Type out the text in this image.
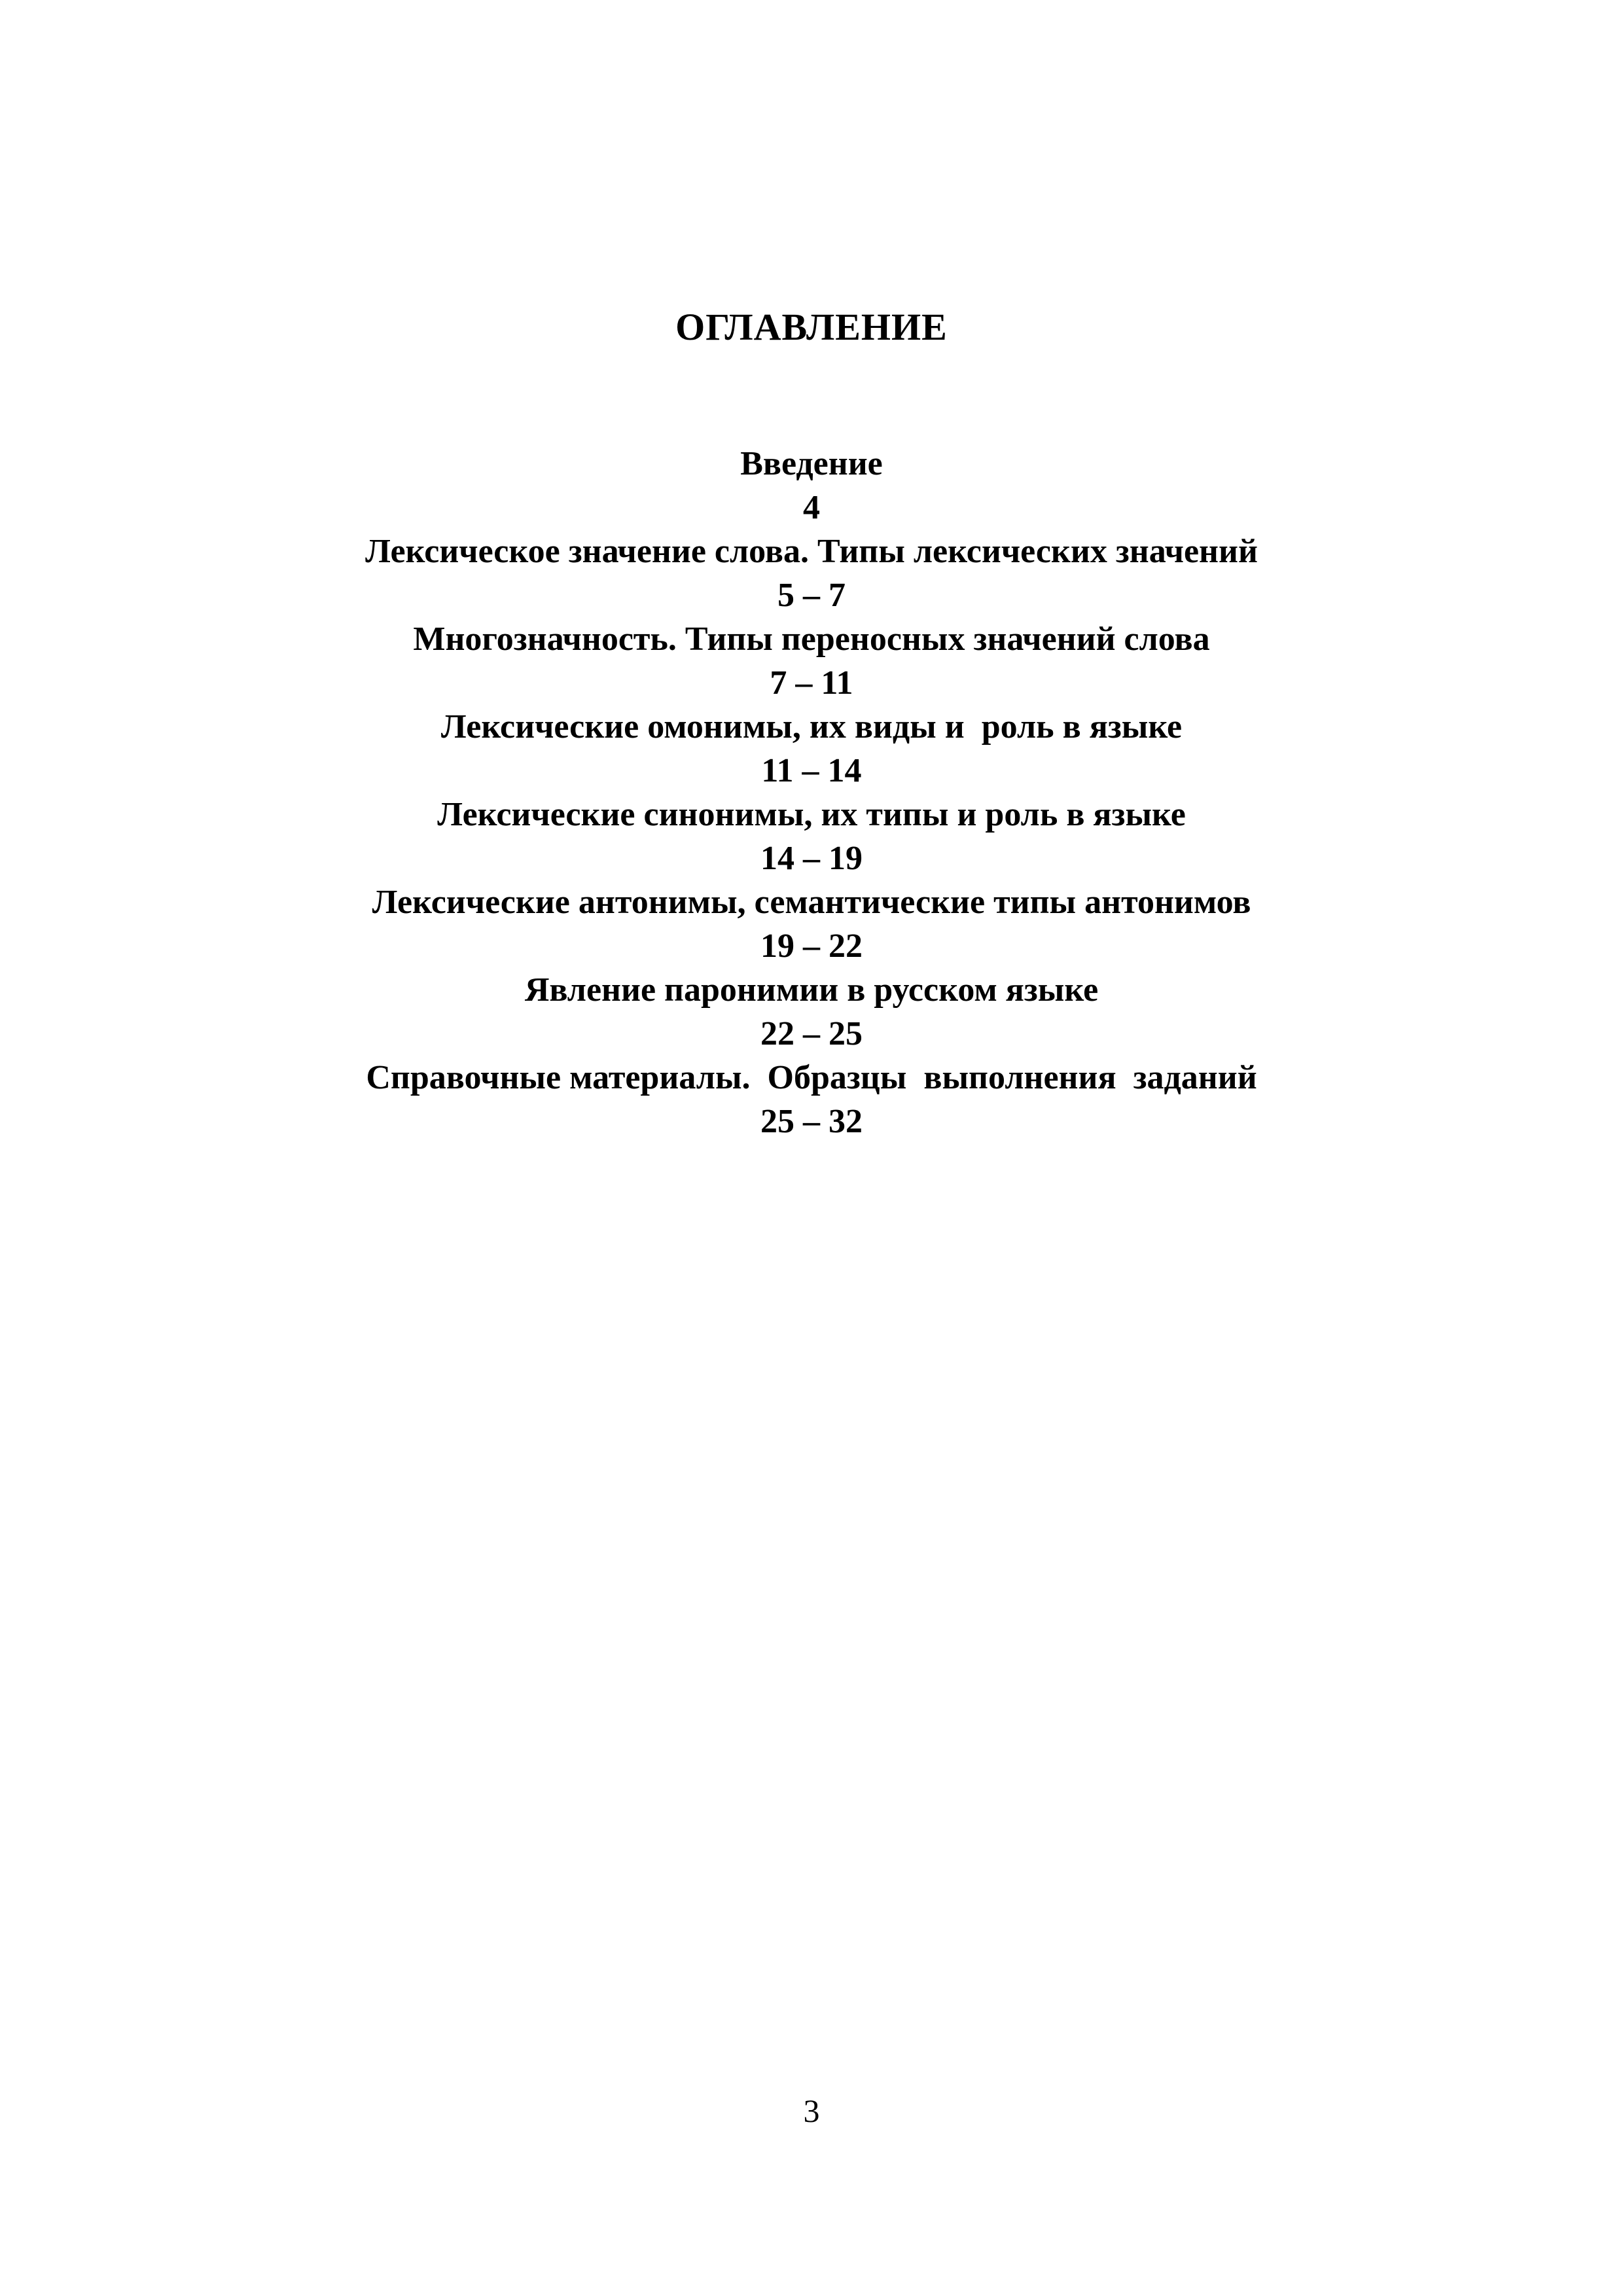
ОГЛАВЛЕНИЕ
Введение
4
Лексическое значение слова. Типы лексических значений
5 – 7
Многозначность. Типы переносных значений слова
7 – 11
Лексические омонимы, их виды и  роль в языке
11 – 14
Лексические синонимы, их типы и роль в языке
14 – 19
Лексические антонимы, семантические типы антонимов
19 – 22
Явление паронимии в русском языке
22 – 25
Справочные материалы.  Образцы  выполнения  заданий
25 – 32
3
